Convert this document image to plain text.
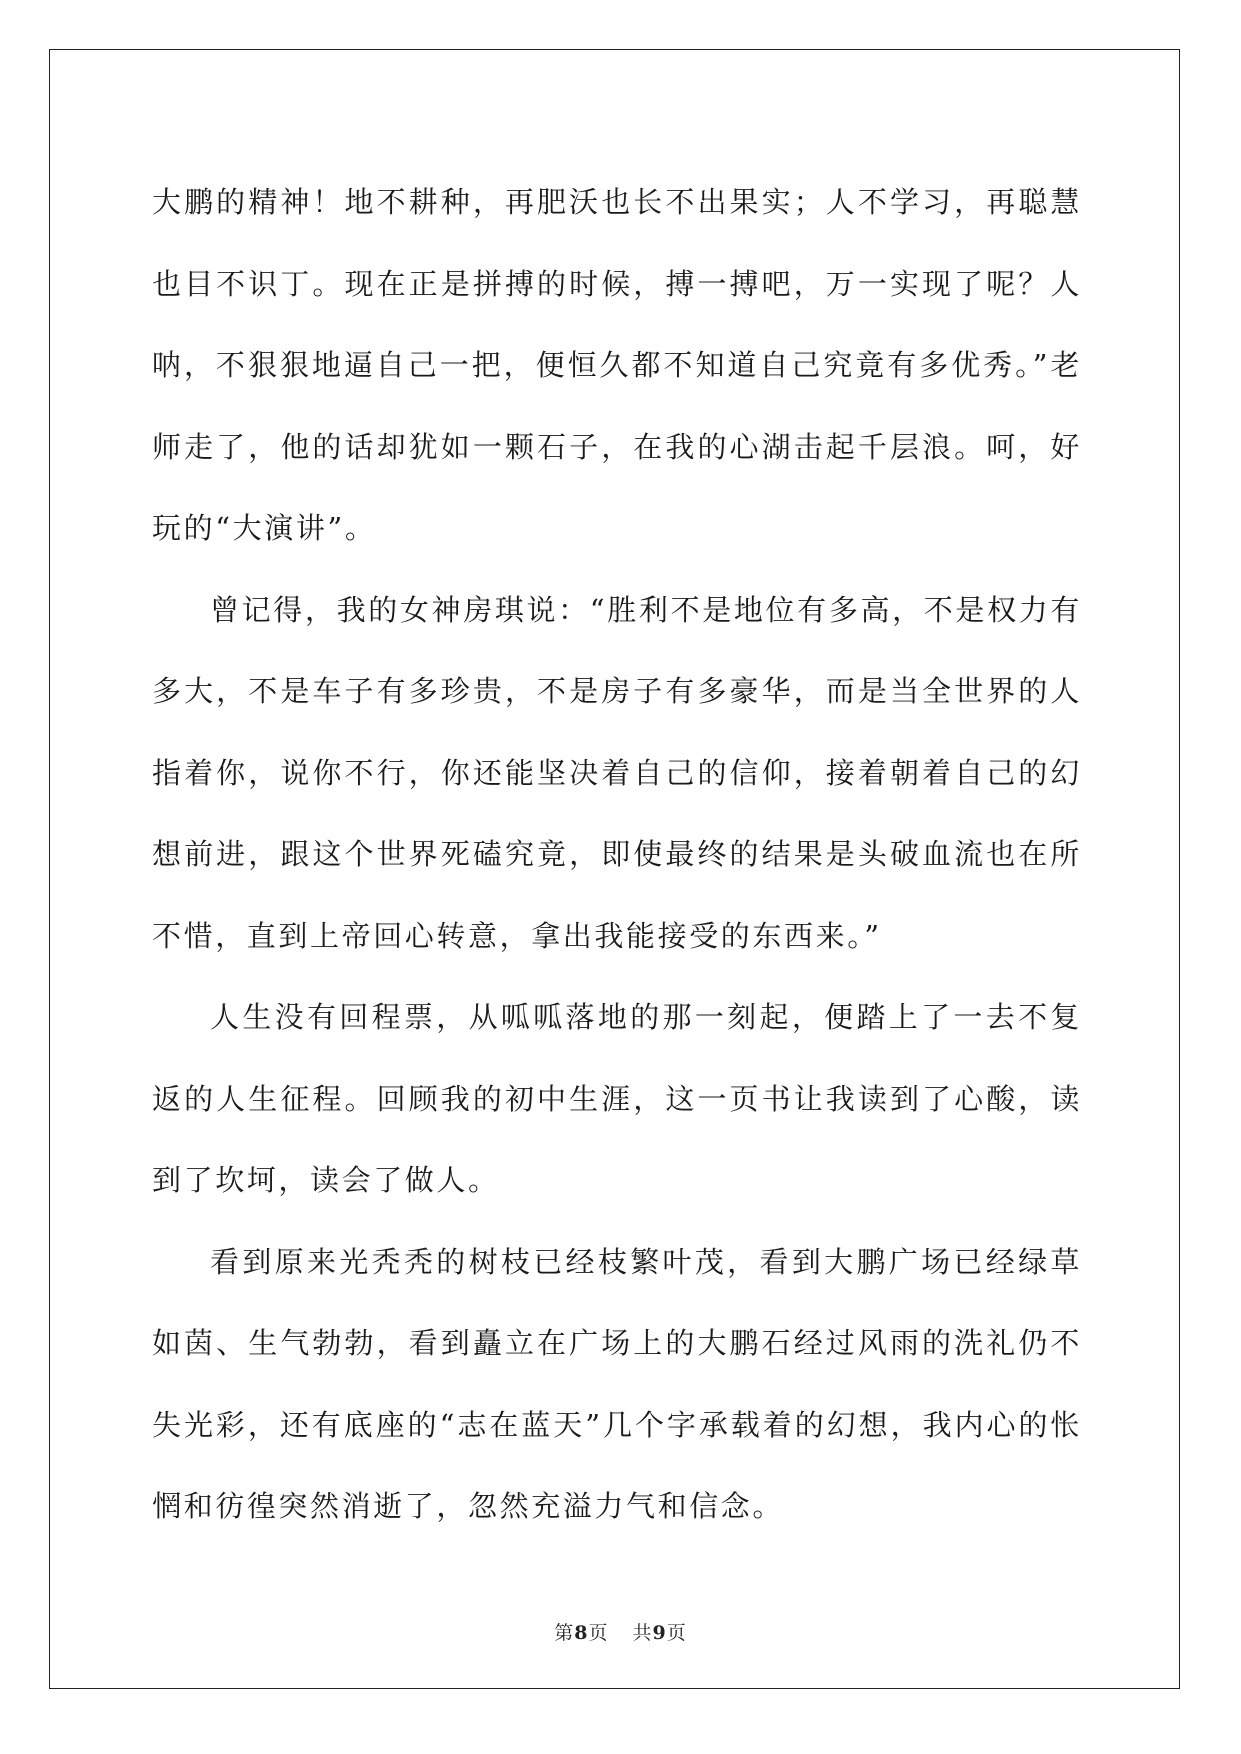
大鹏的精神！地不耕种，再肥沃也长不出果实；人不学习，再聪慧也目不识丁。现在正是拼搏的时候，搏一搏吧，万一实现了呢？人呐，不狠狠地逼自己一把，便恒久都不知道自己究竟有多优秀。”老师走了，他的话却犹如一颗石子，在我的心湖击起千层浪。呵，好玩的“大演讲”。

曾记得，我的女神房琪说：“胜利不是地位有多高，不是权力有多大，不是车子有多珍贵，不是房子有多豪华，而是当全世界的人指着你，说你不行，你还能坚决着自己的信仰，接着朝着自己的幻想前进，跟这个世界死磕究竟，即使最终的结果是头破血流也在所不惜，直到上帝回心转意，拿出我能接受的东西来。”

人生没有回程票，从呱呱落地的那一刻起，便踏上了一去不复返的人生征程。回顾我的初中生涯，这一页书让我读到了心酸，读到了坎坷，读会了做人。

看到原来光秃秃的树枝已经枝繁叶茂，看到大鹏广场已经绿草如茵、生气勃勃，看到矗立在广场上的大鹏石经过风雨的洗礼仍不失光彩，还有底座的“志在蓝天”几个字承载着的幻想，我内心的怅惘和彷徨突然消逝了，忽然充溢力气和信念。

第8页 共9页
